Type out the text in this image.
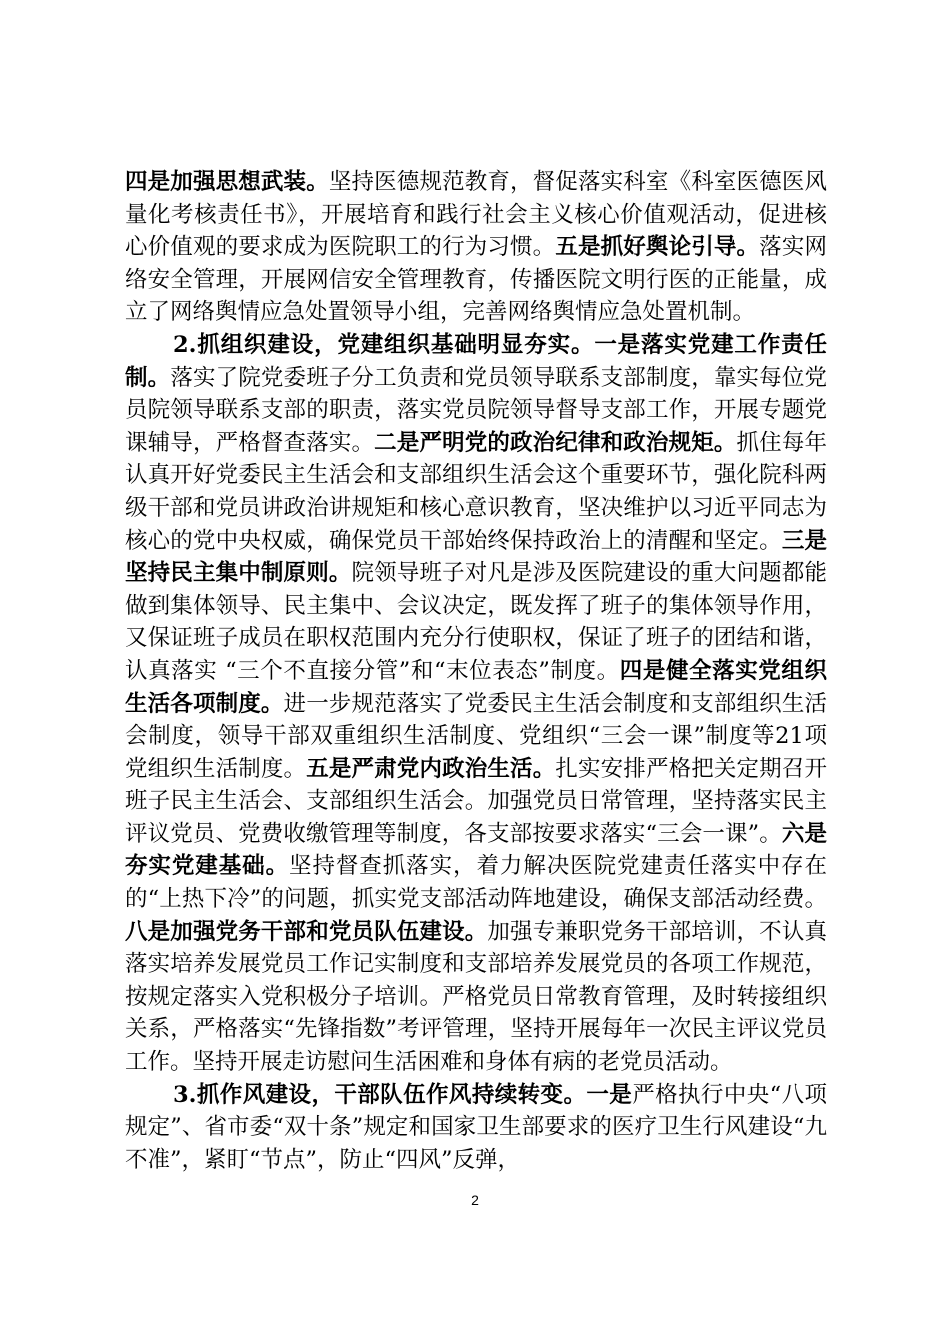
四是加强思想武装。坚持医德规范教育，督促落实科室《科室医德医风量化考核责任书》，开展培育和践行社会主义核心价值观活动，促进核心价值观的要求成为医院职工的行为习惯。五是抓好舆论引导。落实网络安全管理，开展网信安全管理教育，传播医院文明行医的正能量，成立了网络舆情应急处置领导小组，完善网络舆情应急处置机制。

2.抓组织建设，党建组织基础明显夯实。一是落实党建工作责任制。落实了院党委班子分工负责和党员领导联系支部制度，靠实每位党员院领导联系支部的职责，落实党员院领导督导支部工作，开展专题党课辅导，严格督查落实。二是严明党的政治纪律和政治规矩。抓住每年认真开好党委民主生活会和支部组织生活会这个重要环节，强化院科两级干部和党员讲政治讲规矩和核心意识教育，坚决维护以习近平同志为核心的党中央权威，确保党员干部始终保持政治上的清醒和坚定。三是坚持民主集中制原则。院领导班子对凡是涉及医院建设的重大问题都能做到集体领导、民主集中、会议决定，既发挥了班子的集体领导作用，又保证班子成员在职权范围内充分行使职权，保证了班子的团结和谐，认真落实 “三个不直接分管”和“末位表态”制度。四是健全落实党组织生活各项制度。进一步规范落实了党委民主生活会制度和支部组织生活会制度，领导干部双重组织生活制度、党组织“三会一课”制度等21项党组织生活制度。五是严肃党内政治生活。扎实安排严格把关定期召开班子民主生活会、支部组织生活会。加强党员日常管理，坚持落实民主评议党员、党费收缴管理等制度，各支部按要求落实“三会一课”。六是夯实党建基础。坚持督查抓落实，着力解决医院党建责任落实中存在的“上热下冷”的问题，抓实党支部活动阵地建设，确保支部活动经费。八是加强党务干部和党员队伍建设。加强专兼职党务干部培训，不认真落实培养发展党员工作记实制度和支部培养发展党员的各项工作规范，按规定落实入党积极分子培训。严格党员日常教育管理，及时转接组织关系，严格落实“先锋指数”考评管理，坚持开展每年一次民主评议党员工作。坚持开展走访慰问生活困难和身体有病的老党员活动。

3.抓作风建设，干部队伍作风持续转变。一是严格执行中央“八项规定”、省市委“双十条”规定和国家卫生部要求的医疗卫生行风建设“九不准”，紧盯“节点”，防止“四风”反弹，

2
